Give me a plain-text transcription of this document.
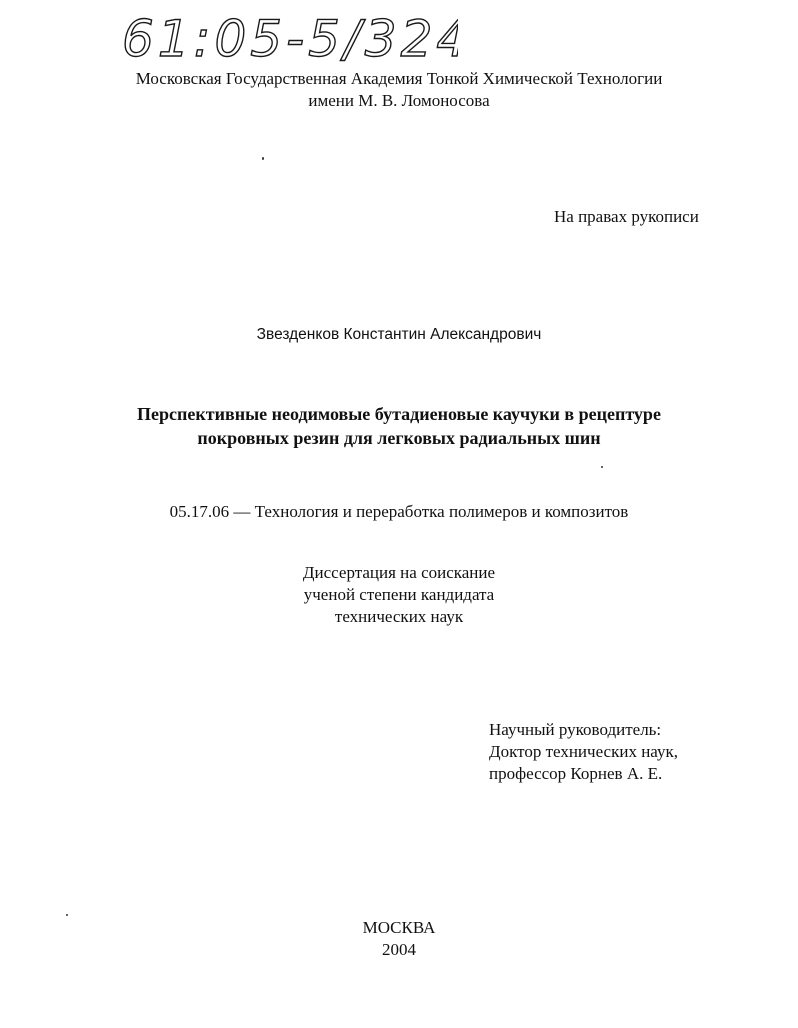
61:05-5/324
Московская Государственная Академия Тонкой Химической Технологии
имени М. В. Ломоносова
На правах рукописи
Звезденков Константин Александрович
Перспективные неодимовые бутадиеновые каучуки в рецептуре
покровных резин для легковых радиальных шин
05.17.06 — Технология и переработка полимеров и композитов
Диссертация на соискание
ученой степени кандидата
технических наук
Научный руководитель:
Доктор технических наук,
профессор Корнев А. Е.
МОСКВА
2004
